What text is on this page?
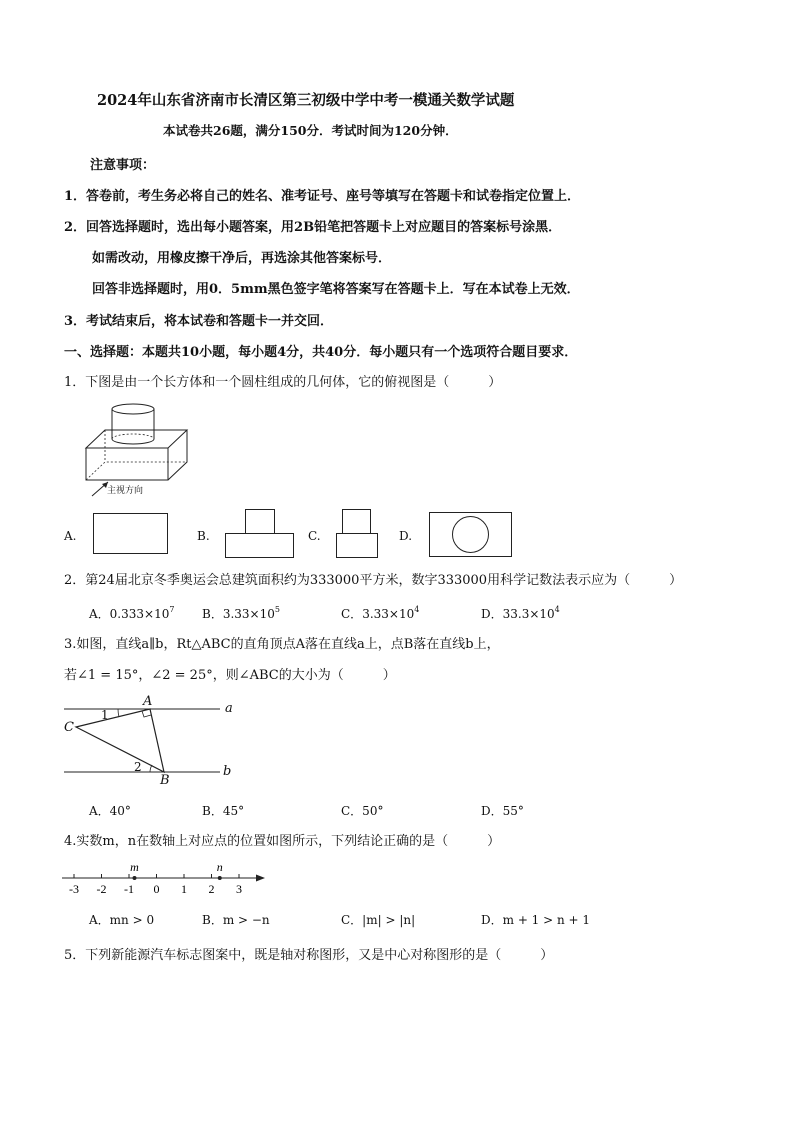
2024年山东省济南市长清区第三初级中学中考一模通关数学试题
本试卷共26题，满分150分．考试时间为120分钟．
注意事项：
1．答卷前，考生务必将自己的姓名、准考证号、座号等填写在答题卡和试卷指定位置上．
2．回答选择题时，选出每小题答案，用2B铅笔把答题卡上对应题目的答案标号涂黑．
如需改动，用橡皮擦干净后，再选涂其他答案标号．
回答非选择题时，用0．5mm黑色签字笔将答案写在答题卡上．写在本试卷上无效．
3．考试结束后，将本试卷和答题卡一并交回．
一、选择题：本题共10小题，每小题4分，共40分．每小题只有一个选项符合题目要求．
1．下图是由一个长方体和一个圆柱组成的几何体，它的俯视图是（　　　）
主视方向
A.	B.	C.	D.
2．第24届北京冬季奥运会总建筑面积约为333000平方米，数字333000用科学记数法表示应为（　　　）
A．$0.333\times 10^7$ B．$3.33\times 10^5$	C．$3.33\times 10^4$	D．$33.3\times 10^4$
3.如图，直线a∥b，Rt△ABC的直角顶点A落在直线a上，点B落在直线b上，
若∠1 = 15°，∠2 = 25°，则∠ABC的大小为（　　　）
A
C
B
a
b
1
2
A．40°	B．45°	C．50°	D．55°
4.实数m，n在数轴上对应点的位置如图所示，下列结论正确的是（　　　）
-3 -2 -1 0 1 2 3
m	n
A．mn > 0	B．m > −n	C．|m| > |n|	D．m + 1 > n + 1
5．下列新能源汽车标志图案中，既是轴对称图形，又是中心对称图形的是（　　　）
